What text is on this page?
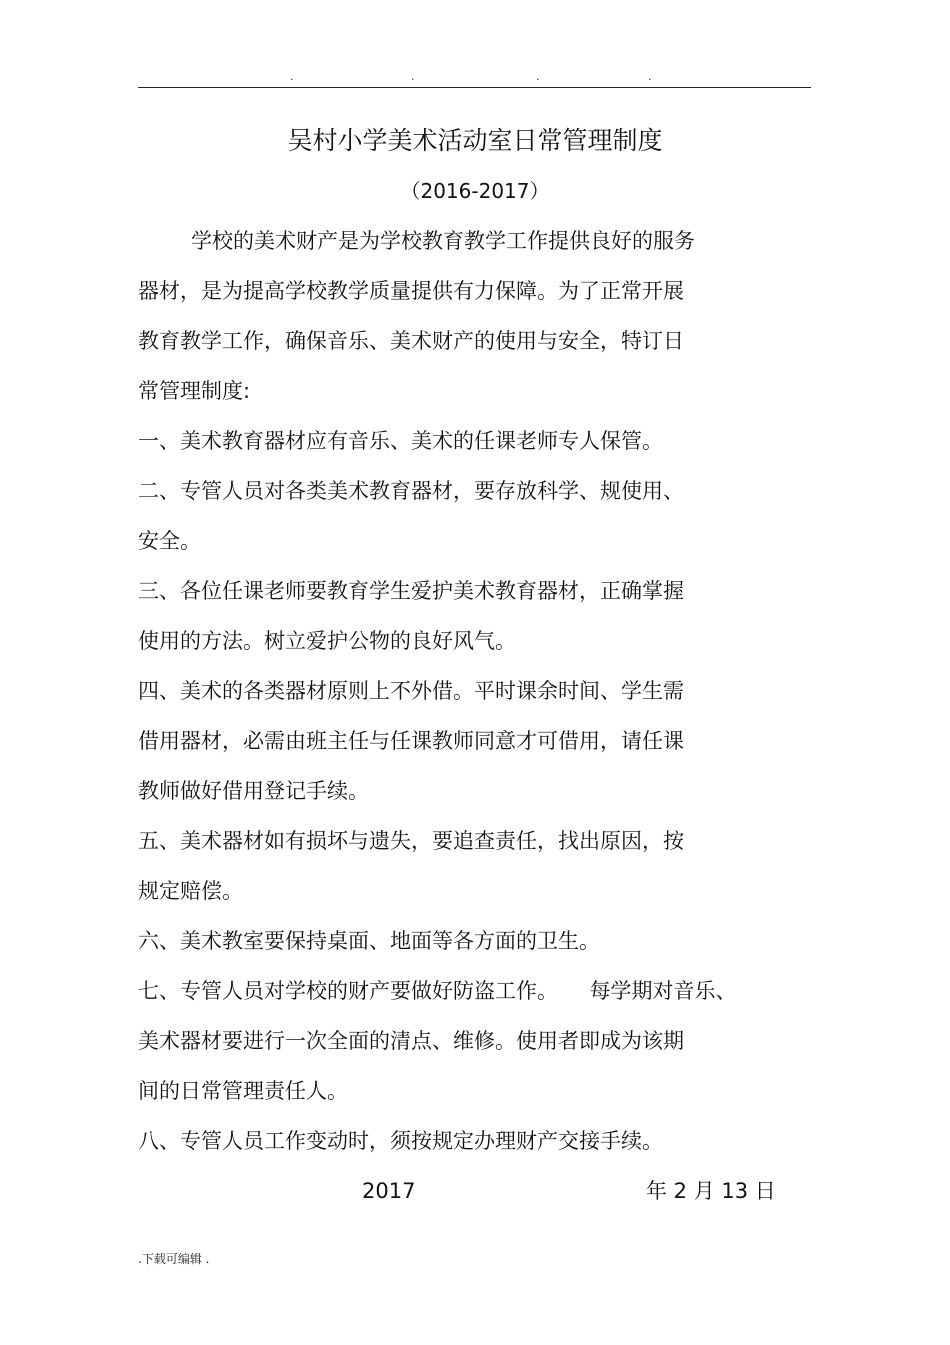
.	.	.	.
吴村小学美术活动室日常管理制度
（2016-2017）
学校的美术财产是为学校教育教学工作提供良好的服务
器材，是为提高学校教学质量提供有力保障。为了正常开展
教育教学工作，确保音乐、美术财产的使用与安全，特订日
常管理制度:
一、美术教育器材应有音乐、美术的任课老师专人保管。
二、专管人员对各类美术教育器材，要存放科学、规使用、
安全。
三、各位任课老师要教育学生爱护美术教育器材，正确掌握
使用的方法。树立爱护公物的良好风气。
四、美术的各类器材原则上不外借。平时课余时间、学生需
借用器材，必需由班主任与任课教师同意才可借用，请任课
教师做好借用登记手续。
五、美术器材如有损坏与遗失，要追查责任，找出原因，按
规定赔偿。
六、美术教室要保持桌面、地面等各方面的卫生。
七、专管人员对学校的财产要做好防盗工作。　　每学期对音乐、
美术器材要进行一次全面的清点、维修。使用者即成为该期
间的日常管理责任人。
八、专管人员工作变动时，须按规定办理财产交接手续。
2017	年 2 月 13 日
.下载可编辑 .
